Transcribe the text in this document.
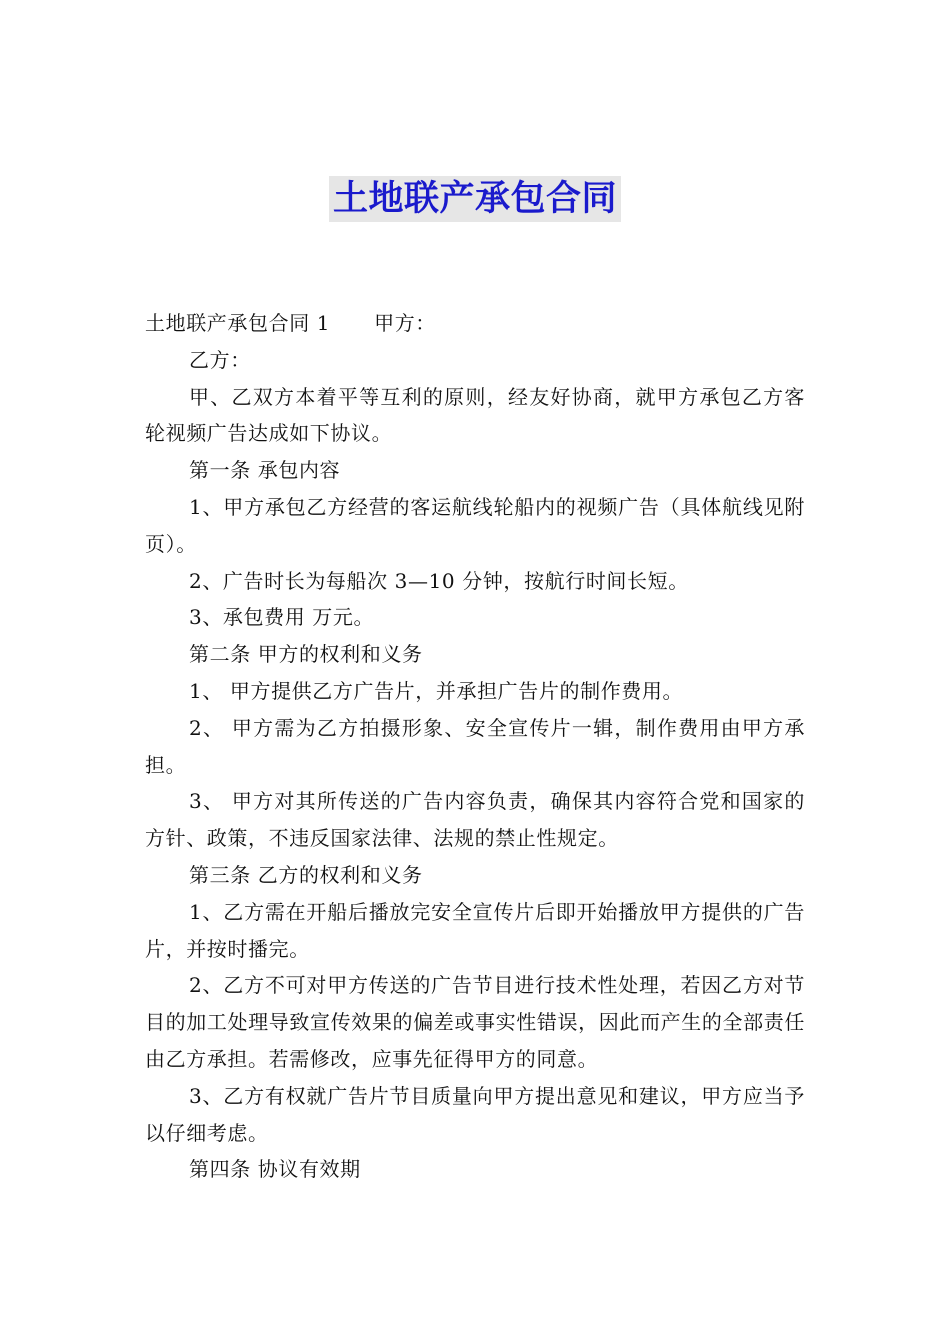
土地联产承包合同

土地联产承包合同 1 甲方：

乙方：

甲、乙双方本着平等互利的原则，经友好协商，就甲方承包乙方客轮视频广告达成如下协议。

第一条 承包内容

1、甲方承包乙方经营的客运航线轮船内的视频广告（具体航线见附页）。

2、广告时长为每船次 3—10 分钟，按航行时间长短。

3、承包费用 万元。

第二条 甲方的权利和义务

1、 甲方提供乙方广告片，并承担广告片的制作费用。

2、 甲方需为乙方拍摄形象、安全宣传片一辑，制作费用由甲方承担。

3、 甲方对其所传送的广告内容负责，确保其内容符合党和国家的方针、政策，不违反国家法律、法规的禁止性规定。

第三条 乙方的权利和义务

1、乙方需在开船后播放完安全宣传片后即开始播放甲方提供的广告片，并按时播完。

2、乙方不可对甲方传送的广告节目进行技术性处理，若因乙方对节目的加工处理导致宣传效果的偏差或事实性错误，因此而产生的全部责任由乙方承担。若需修改，应事先征得甲方的同意。

3、乙方有权就广告片节目质量向甲方提出意见和建议，甲方应当予以仔细考虑。

第四条 协议有效期
